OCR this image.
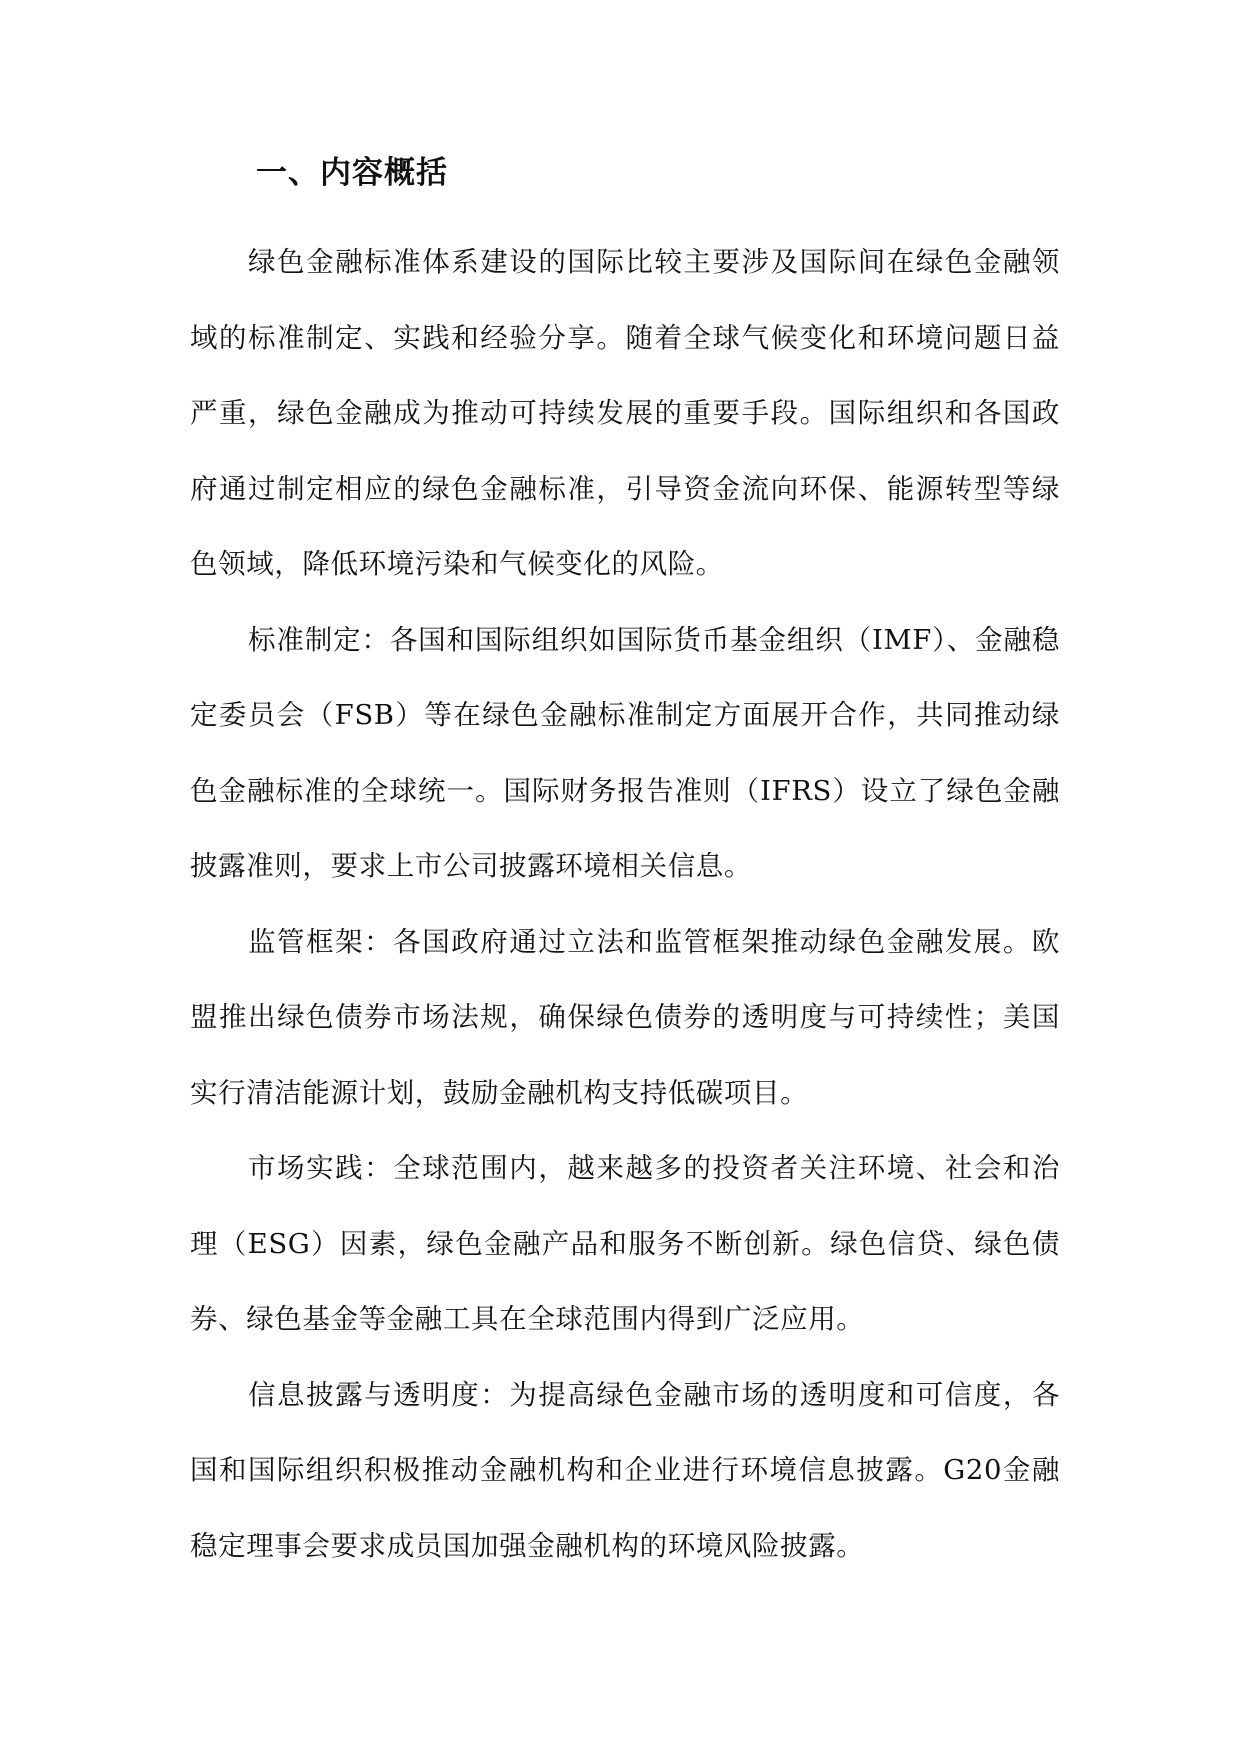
一、内容概括

绿色金融标准体系建设的国际比较主要涉及国际间在绿色金融领域的标准制定、实践和经验分享。随着全球气候变化和环境问题日益严重，绿色金融成为推动可持续发展的重要手段。国际组织和各国政府通过制定相应的绿色金融标准，引导资金流向环保、能源转型等绿色领域，降低环境污染和气候变化的风险。

标准制定：各国和国际组织如国际货币基金组织（IMF）、金融稳定委员会（FSB）等在绿色金融标准制定方面展开合作，共同推动绿色金融标准的全球统一。国际财务报告准则（IFRS）设立了绿色金融披露准则，要求上市公司披露环境相关信息。

监管框架：各国政府通过立法和监管框架推动绿色金融发展。欧盟推出绿色债券市场法规，确保绿色债券的透明度与可持续性；美国实行清洁能源计划，鼓励金融机构支持低碳项目。

市场实践：全球范围内，越来越多的投资者关注环境、社会和治理（ESG）因素，绿色金融产品和服务不断创新。绿色信贷、绿色债券、绿色基金等金融工具在全球范围内得到广泛应用。

信息披露与透明度：为提高绿色金融市场的透明度和可信度，各国和国际组织积极推动金融机构和企业进行环境信息披露。G20金融稳定理事会要求成员国加强金融机构的环境风险披露。
